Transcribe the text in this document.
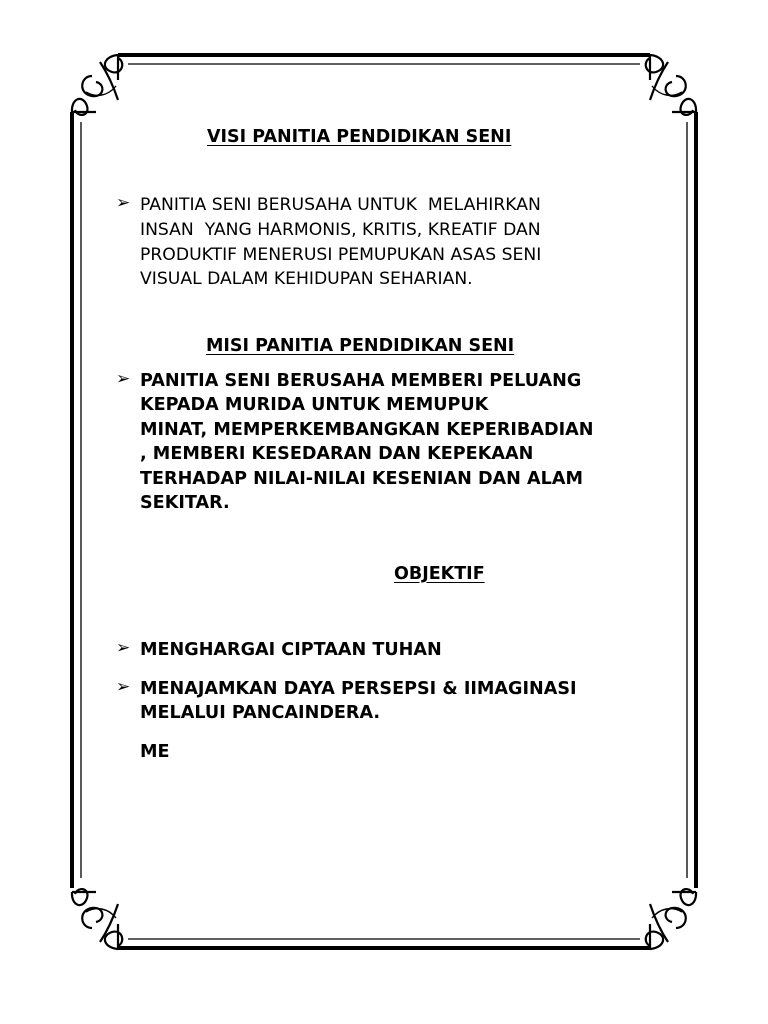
VISI PANITIA PENDIDIKAN SENI
➢ PANITIA SENI BERUSAHA UNTUK  MELAHIRKAN
INSAN  YANG HARMONIS, KRITIS, KREATIF DAN
PRODUKTIF MENERUSI PEMUPUKAN ASAS SENI
VISUAL DALAM KEHIDUPAN SEHARIAN.

MISI PANITIA PENDIDIKAN SENI
➢ PANITIA SENI BERUSAHA MEMBERI PELUANG
KEPADA MURIDA UNTUK MEMUPUK
MINAT, MEMPERKEMBANGKAN KEPERIBADIAN
, MEMBERI KESEDARAN DAN KEPEKAAN
TERHADAP NILAI-NILAI KESENIAN DAN ALAM
SEKITAR.

OBJEKTIF
➢ MENGHARGAI CIPTAAN TUHAN

➢ MENAJAMKAN DAYA PERSEPSI & IIMAGINASI
MELALUI PANCAINDERA.

ME
